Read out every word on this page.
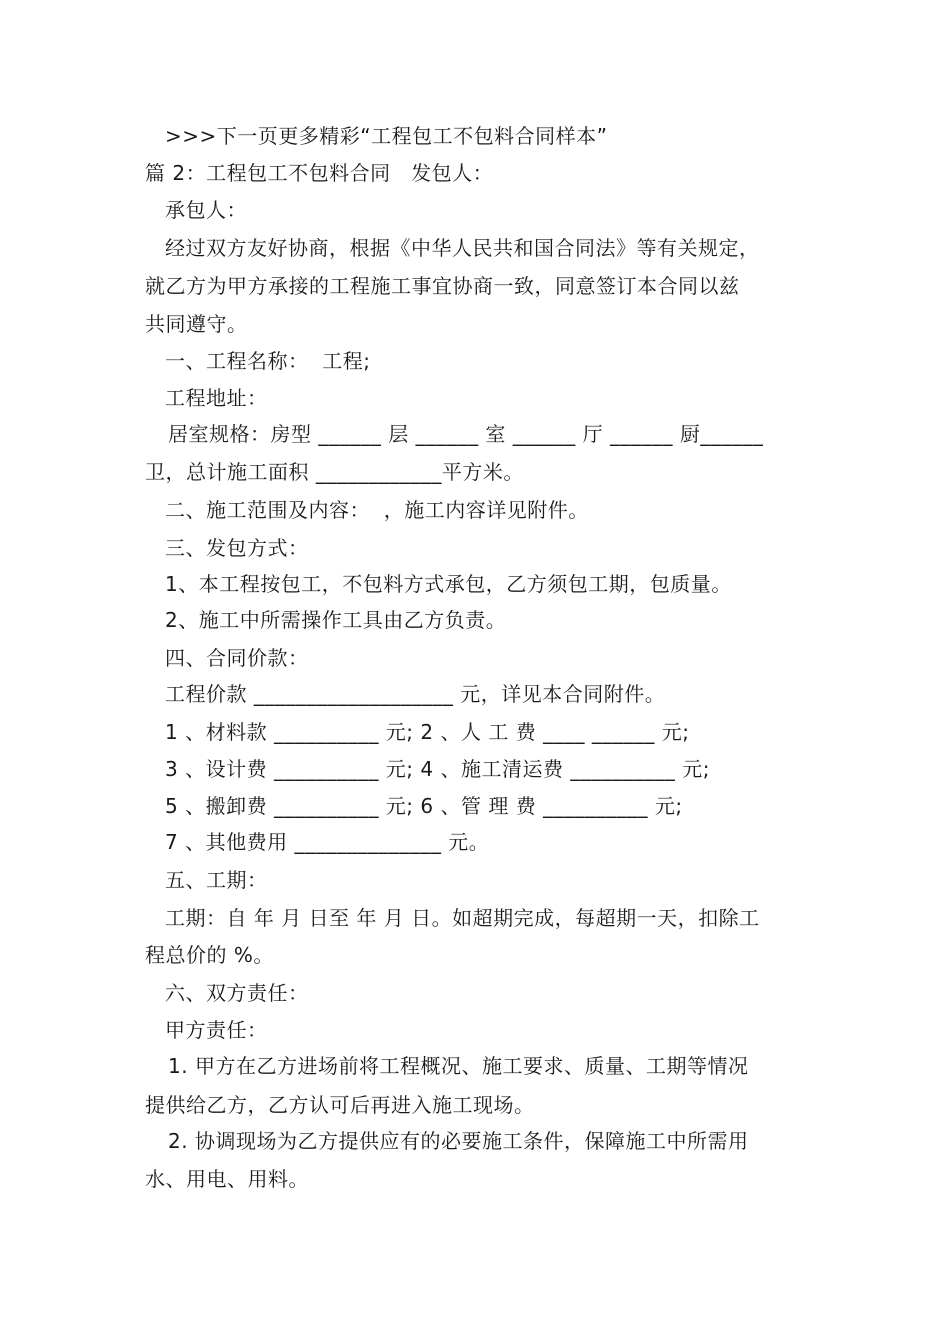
>>>下一页更多精彩“工程包工不包料合同样本”
篇 2：工程包工不包料合同　发包人：
承包人：
经过双方友好协商，根据《中华人民共和国合同法》等有关规定，
就乙方为甲方承接的工程施工事宜协商一致，同意签订本合同以兹
共同遵守。
一、工程名称：  工程;
工程地址：
居室规格：房型 ______ 层 ______ 室 ______ 厅 ______ 厨______
卫，总计施工面积 ____________平方米。
二、施工范围及内容：  ，施工内容详见附件。
三、发包方式：
1、本工程按包工，不包料方式承包，乙方须包工期，包质量。
2、施工中所需操作工具由乙方负责。
四、合同价款：
工程价款 ___________________ 元，详见本合同附件。
1 、材料款 __________ 元; 2 、人 工 费 ____ ______ 元;
3 、设计费 __________ 元; 4 、施工清运费 __________ 元;
5 、搬卸费 __________ 元; 6 、管 理 费 __________ 元;
7 、其他费用 ______________ 元。
五、工期：
工期：自 年 月 日至 年 月 日。如超期完成，每超期一天，扣除工
程总价的 %。
六、双方责任：
甲方责任：
1. 甲方在乙方进场前将工程概况、施工要求、质量、工期等情况
提供给乙方，乙方认可后再进入施工现场。
2. 协调现场为乙方提供应有的必要施工条件，保障施工中所需用
水、用电、用料。
